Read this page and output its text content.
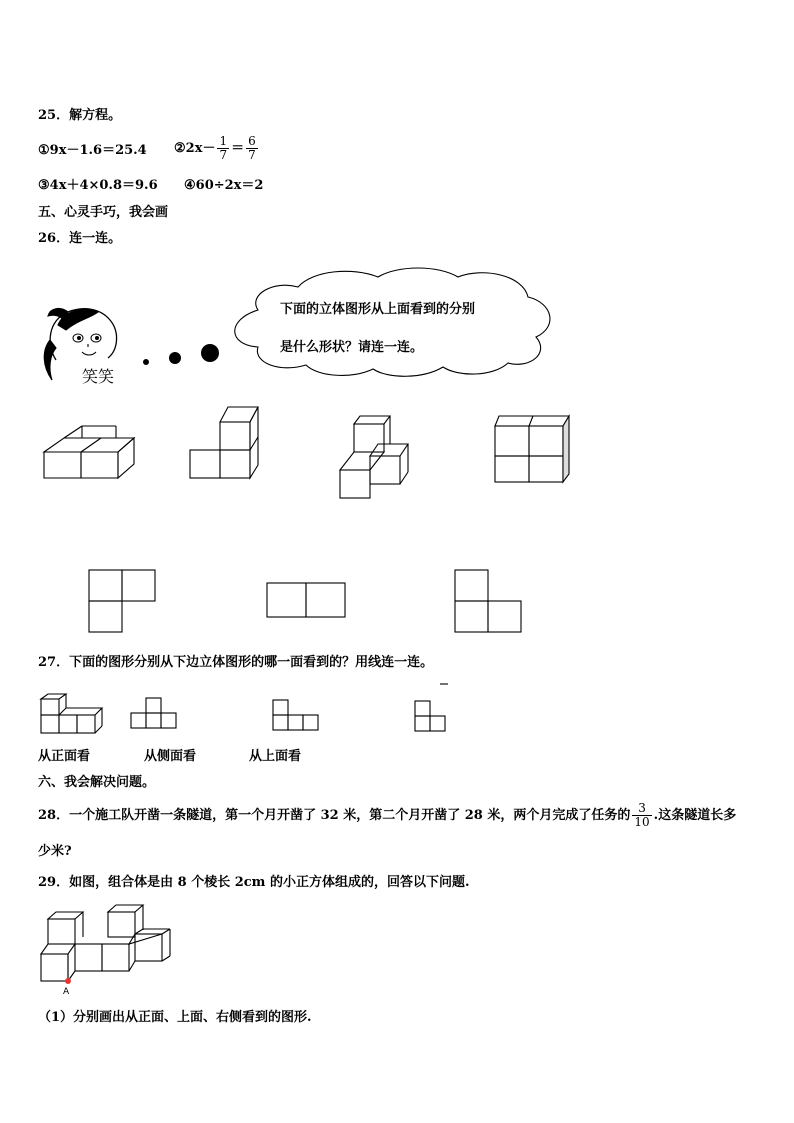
25．解方程。
①9x－1.6＝25.4 ②2x－ $\frac{1}{7} = \frac{6}{7}$
③4x＋4×0.8＝9.6 ④60÷2x＝2
五、心灵手巧，我会画
26．连一连。
笑笑
下面的立体图形从上面看到的分别
是什么形状？请连一连。
27．下面的图形分别从下边立体图形的哪一面看到的？用线连一连。
从正面看	从侧面看	从上面看
六、我会解决问题。
28．一个施工队开凿一条隧道，第一个月开凿了 32 米，第二个月开凿了 28 米，两个月完成了任务的 $\frac{3}{10}$ .这条隧道长多
少米?
29．如图，组合体是由 8 个棱长 2cm 的小正方体组成的，回答以下问题.
A
（1）分别画出从正面、上面、右侧看到的图形.
